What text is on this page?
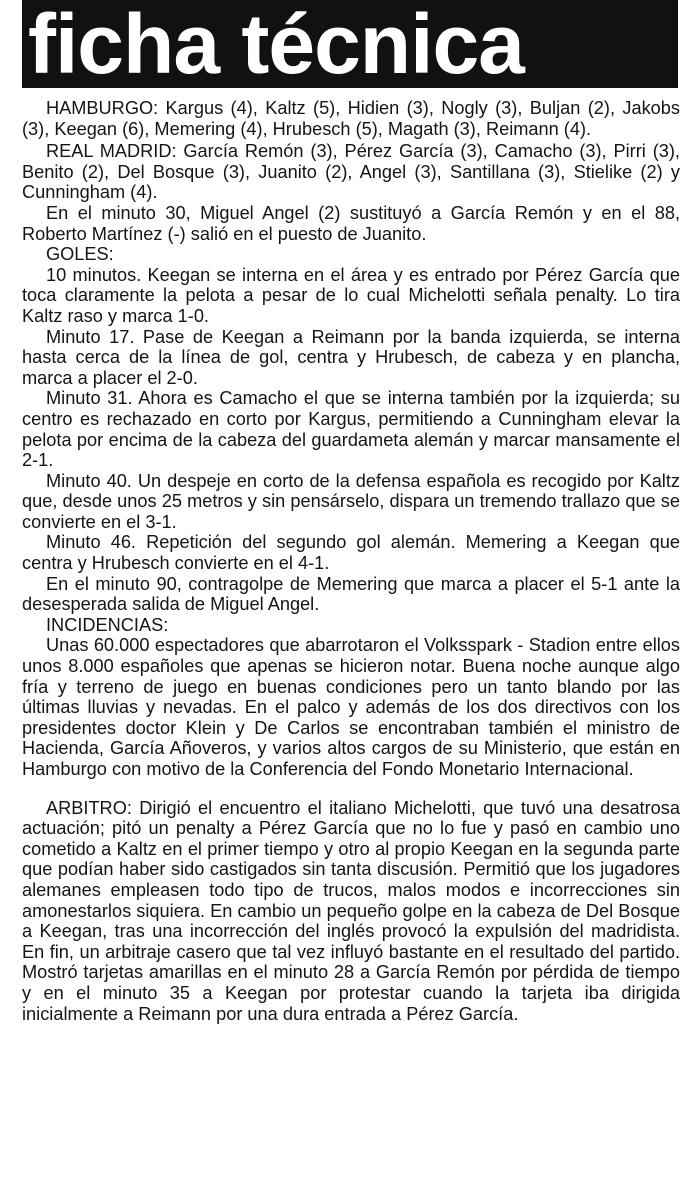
ficha técnica

HAMBURGO: Kargus (4), Kaltz (5), Hidien (3), Nogly (3), Buljan (2), Jakobs (3), Keegan (6), Memering (4), Hrubesch (5), Magath (3), Reimann (4).

REAL MADRID: García Remón (3), Pérez García (3), Camacho (3), Pirri (3), Benito (2), Del Bosque (3), Juanito (2), Angel (3), Santillana (3), Stielike (2) y Cunningham (4).

En el minuto 30, Miguel Angel (2) sustituyó a García Remón y en el 88, Roberto Martínez (-) salió en el puesto de Juanito.

GOLES:

10 minutos. Keegan se interna en el área y es entrado por Pérez García que toca claramente la pelota a pesar de lo cual Michelotti señala penalty. Lo tira Kaltz raso y marca 1-0.

Minuto 17. Pase de Keegan a Reimann por la banda izquierda, se interna hasta cerca de la línea de gol, centra y Hrubesch, de cabeza y en plancha, marca a placer el 2-0.

Minuto 31. Ahora es Camacho el que se interna también por la izquierda; su centro es rechazado en corto por Kargus, permitiendo a Cunningham elevar la pelota por encima de la cabeza del guardameta alemán y marcar mansamente el 2-1.

Minuto 40. Un despeje en corto de la defensa española es recogido por Kaltz que, desde unos 25 metros y sin pensárselo, dispara un tremendo trallazo que se convierte en el 3-1.

Minuto 46. Repetición del segundo gol alemán. Memering a Keegan que centra y Hrubesch convierte en el 4-1.

En el minuto 90, contragolpe de Memering que marca a placer el 5-1 ante la desesperada salida de Miguel Angel.

INCIDENCIAS:

Unas 60.000 espectadores que abarrotaron el Volksspark - Stadion entre ellos unos 8.000 españoles que apenas se hicieron notar. Buena noche aunque algo fría y terreno de juego en buenas condiciones pero un tanto blando por las últimas lluvias y nevadas. En el palco y además de los dos directivos con los presidentes doctor Klein y De Carlos se encontraban también el ministro de Hacienda, García Añoveros, y varios altos cargos de su Ministerio, que están en Hamburgo con motivo de la Conferencia del Fondo Monetario Internacional.

ARBITRO: Dirigió el encuentro el italiano Michelotti, que tuvó una desatrosa actuación; pitó un penalty a Pérez García que no lo fue y pasó en cambio uno cometido a Kaltz en el primer tiempo y otro al propio Keegan en la segunda parte que podían haber sido castigados sin tanta discusión. Permitió que los jugadores alemanes empleasen todo tipo de trucos, malos modos e incorrecciones sin amonestarlos siquiera. En cambio un pequeño golpe en la cabeza de Del Bosque a Keegan, tras una incorrección del inglés provocó la expulsión del madridista. En fin, un arbitraje casero que tal vez influyó bastante en el resultado del partido. Mostró tarjetas amarillas en el minuto 28 a García Remón por pérdida de tiempo y en el minuto 35 a Keegan por protestar cuando la tarjeta iba dirigida inicialmente a Reimann por una dura entrada a Pérez García.
